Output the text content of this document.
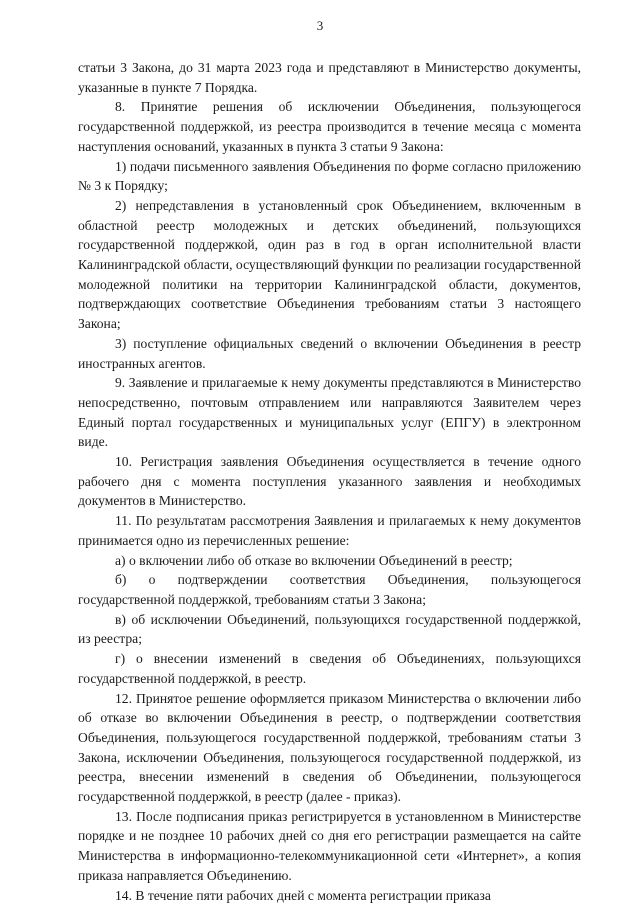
3

статьи 3 Закона, до 31 марта 2023 года и представляют в Министерство документы, указанные в пункте 7 Порядка.

8. Принятие решения об исключении Объединения, пользующегося государственной поддержкой, из реестра производится в течение месяца с момента наступления оснований, указанных в пункта 3 статьи 9 Закона:

1) подачи письменного заявления Объединения по форме согласно приложению № 3 к Порядку;

2) непредставления в установленный срок Объединением, включенным в областной реестр молодежных и детских объединений, пользующихся государственной поддержкой, один раз в год в орган исполнительной власти Калининградской области, осуществляющий функции по реализации государственной молодежной политики на территории Калининградской области, документов, подтверждающих соответствие Объединения требованиям статьи 3 настоящего Закона;

3) поступление официальных сведений о включении Объединения в реестр иностранных агентов.

9. Заявление и прилагаемые к нему документы представляются в Министерство непосредственно, почтовым отправлением или направляются Заявителем через Единый портал государственных и муниципальных услуг (ЕПГУ) в электронном виде.

10. Регистрация заявления Объединения осуществляется в течение одного рабочего дня с момента поступления указанного заявления и необходимых документов в Министерство.

11. По результатам рассмотрения Заявления и прилагаемых к нему документов принимается одно из перечисленных решение:

а) о включении либо об отказе во включении Объединений в реестр;

б) о подтверждении соответствия Объединения, пользующегося государственной поддержкой, требованиям статьи 3 Закона;

в) об исключении Объединений, пользующихся государственной поддержкой, из реестра;

г) о внесении изменений в сведения об Объединениях, пользующихся государственной поддержкой, в реестр.

12. Принятое решение оформляется приказом Министерства о включении либо об отказе во включении Объединения в реестр, о подтверждении соответствия Объединения, пользующегося государственной поддержкой, требованиям статьи 3 Закона, исключении Объединения, пользующегося государственной поддержкой, из реестра, внесении изменений в сведения об Объединении, пользующегося государственной поддержкой, в реестр (далее - приказ).

13. После подписания приказ регистрируется в установленном в Министерстве порядке и не позднее 10 рабочих дней со дня его регистрации размещается на сайте Министерства в информационно-телекоммуникационной сети «Интернет», а копия приказа направляется Объединению.

14. В течение пяти рабочих дней с момента регистрации приказа
